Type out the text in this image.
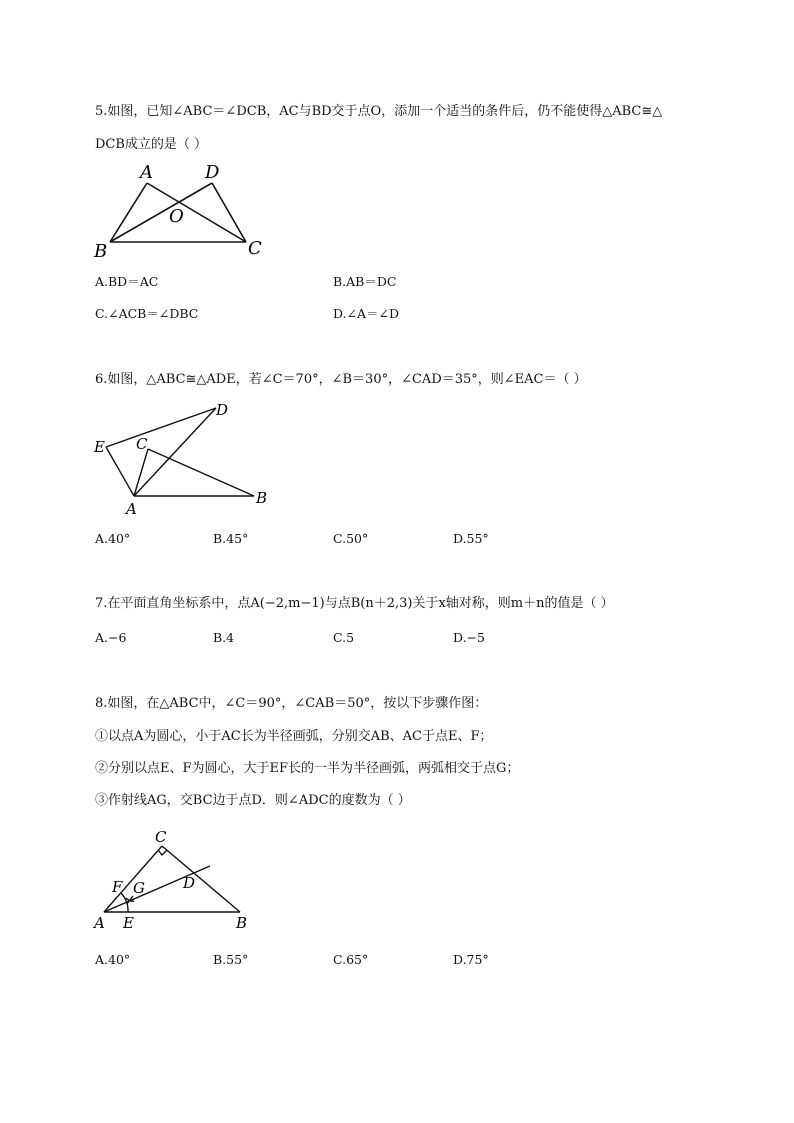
5.如图，已知∠ABC＝∠DCB，AC与BD交于点O，添加一个适当的条件后，仍不能使得△ABC≅△
DCB成立的是（ ）
A	D
O
B	C
A.BD＝AC	B.AB＝DC
C.∠ACB＝∠DBC	D.∠A＝∠D
6.如图，△ABC≅△ADE，若∠C＝70°，∠B＝30°，∠CAD＝35°，则∠EAC＝（ ）
D
E C
A
B
A.40°	B.45°	C.50°	D.55°
7.在平面直角坐标系中，点A(−2,m−1)与点B(n＋2,3)关于x轴对称，则m＋n的值是（ ）
A.−6	B.4	C.5	D.−5
8.如图，在△ABC中，∠C＝90°，∠CAB＝50°，按以下步骤作图：
①以点A为圆心，小于AC长为半径画弧，分别交AB、AC于点E、F；
②分别以点E、F为圆心，大于EF长的一半为半径画弧，两弧相交于点G；
③作射线AG，交BC边于点D．则∠ADC的度数为（ ）
C
F G	D
A E	B
A.40°	B.55°	C.65°	D.75°
